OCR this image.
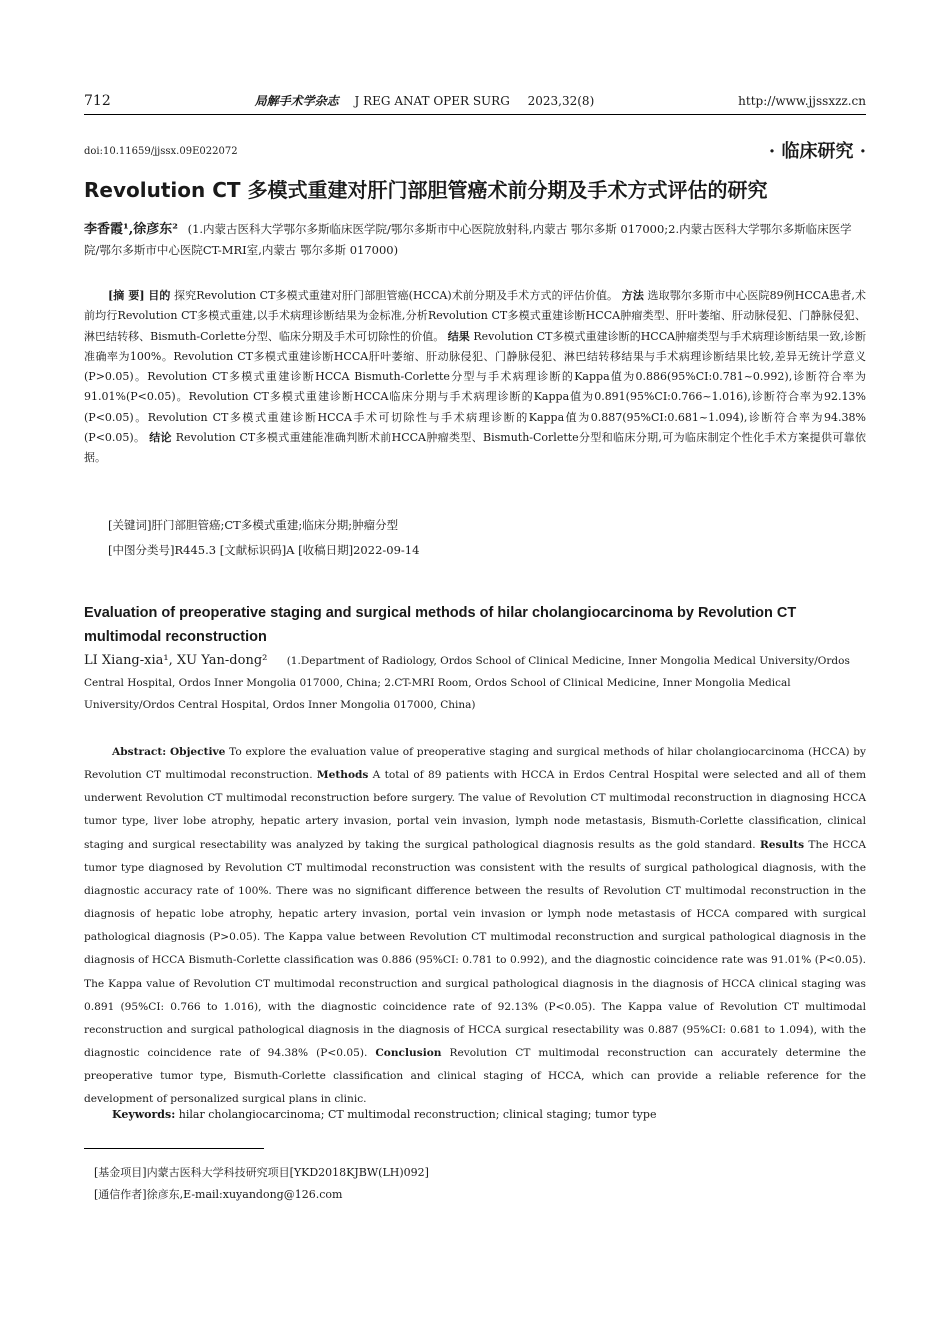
712	局解手术学杂志 J REG ANAT OPER SURG 2023,32(8)	http://www.jjssxzz.cn
doi:10.11659/jjssx.09E022072	· 临床研究 ·
Revolution CT 多模式重建对肝门部胆管癌术前分期及手术方式评估的研究
李香霞¹,徐彦东² (1.内蒙古医科大学鄂尔多斯临床医学院/鄂尔多斯市中心医院放射科,内蒙古 鄂尔多斯 017000;2.内蒙古医科大学鄂尔多斯临床医学院/鄂尔多斯市中心医院CT-MRI室,内蒙古 鄂尔多斯 017000)
[摘 要] 目的 探究Revolution CT多模式重建对肝门部胆管癌(HCCA)术前分期及手术方式的评估价值。 方法 选取鄂尔多斯市中心医院89例HCCA患者,术前均行Revolution CT多模式重建,以手术病理诊断结果为金标准,分析Revolution CT多模式重建诊断HCCA肿瘤类型、肝叶萎缩、肝动脉侵犯、门静脉侵犯、淋巴结转移、Bismuth-Corlette分型、临床分期及手术可切除性的价值。 结果 Revolution CT多模式重建诊断的HCCA肿瘤类型与手术病理诊断结果一致,诊断准确率为100%。Revolution CT多模式重建诊断HCCA肝叶萎缩、肝动脉侵犯、门静脉侵犯、淋巴结转移结果与手术病理诊断结果比较,差异无统计学意义(P>0.05)。Revolution CT多模式重建诊断HCCA Bismuth-Corlette分型与手术病理诊断的Kappa值为0.886(95%CI:0.781~0.992),诊断符合率为91.01%(P<0.05)。Revolution CT多模式重建诊断HCCA临床分期与手术病理诊断的Kappa值为0.891(95%CI:0.766~1.016),诊断符合率为92.13%(P<0.05)。Revolution CT多模式重建诊断HCCA手术可切除性与手术病理诊断的Kappa值为0.887(95%CI:0.681~1.094),诊断符合率为94.38%(P<0.05)。 结论 Revolution CT多模式重建能准确判断术前HCCA肿瘤类型、Bismuth-Corlette分型和临床分期,可为临床制定个性化手术方案提供可靠依据。
[关键词]肝门部胆管癌;CT多模式重建;临床分期;肿瘤分型
[中图分类号]R445.3 [文献标识码]A [收稿日期]2022-09-14
Evaluation of preoperative staging and surgical methods of hilar cholangiocarcinoma by Revolution CT multimodal reconstruction
LI Xiang-xia¹, XU Yan-dong² (1.Department of Radiology, Ordos School of Clinical Medicine, Inner Mongolia Medical University/Ordos Central Hospital, Ordos Inner Mongolia 017000, China; 2.CT-MRI Room, Ordos School of Clinical Medicine, Inner Mongolia Medical University/Ordos Central Hospital, Ordos Inner Mongolia 017000, China)
Abstract: Objective To explore the evaluation value of preoperative staging and surgical methods of hilar cholangiocarcinoma (HCCA) by Revolution CT multimodal reconstruction. Methods A total of 89 patients with HCCA in Erdos Central Hospital were selected and all of them underwent Revolution CT multimodal reconstruction before surgery. The value of Revolution CT multimodal reconstruction in diagnosing HCCA tumor type, liver lobe atrophy, hepatic artery invasion, portal vein invasion, lymph node metastasis, Bismuth-Corlette classification, clinical staging and surgical resectability was analyzed by taking the surgical pathological diagnosis results as the gold standard. Results The HCCA tumor type diagnosed by Revolution CT multimodal reconstruction was consistent with the results of surgical pathological diagnosis, with the diagnostic accuracy rate of 100%. There was no significant difference between the results of Revolution CT multimodal reconstruction in the diagnosis of hepatic lobe atrophy, hepatic artery invasion, portal vein invasion or lymph node metastasis of HCCA compared with surgical pathological diagnosis (P>0.05). The Kappa value between Revolution CT multimodal reconstruction and surgical pathological diagnosis in the diagnosis of HCCA Bismuth-Corlette classification was 0.886 (95%CI: 0.781 to 0.992), and the diagnostic coincidence rate was 91.01% (P<0.05). The Kappa value of Revolution CT multimodal reconstruction and surgical pathological diagnosis in the diagnosis of HCCA clinical staging was 0.891 (95%CI: 0.766 to 1.016), with the diagnostic coincidence rate of 92.13% (P<0.05). The Kappa value of Revolution CT multimodal reconstruction and surgical pathological diagnosis in the diagnosis of HCCA surgical resectability was 0.887 (95%CI: 0.681 to 1.094), with the diagnostic coincidence rate of 94.38% (P<0.05). Conclusion Revolution CT multimodal reconstruction can accurately determine the preoperative tumor type, Bismuth-Corlette classification and clinical staging of HCCA, which can provide a reliable reference for the development of personalized surgical plans in clinic.
Keywords: hilar cholangiocarcinoma; CT multimodal reconstruction; clinical staging; tumor type
[基金项目]内蒙古医科大学科技研究项目[YKD2018KJBW(LH)092]
[通信作者]徐彦东,E-mail:xuyandong@126.com
